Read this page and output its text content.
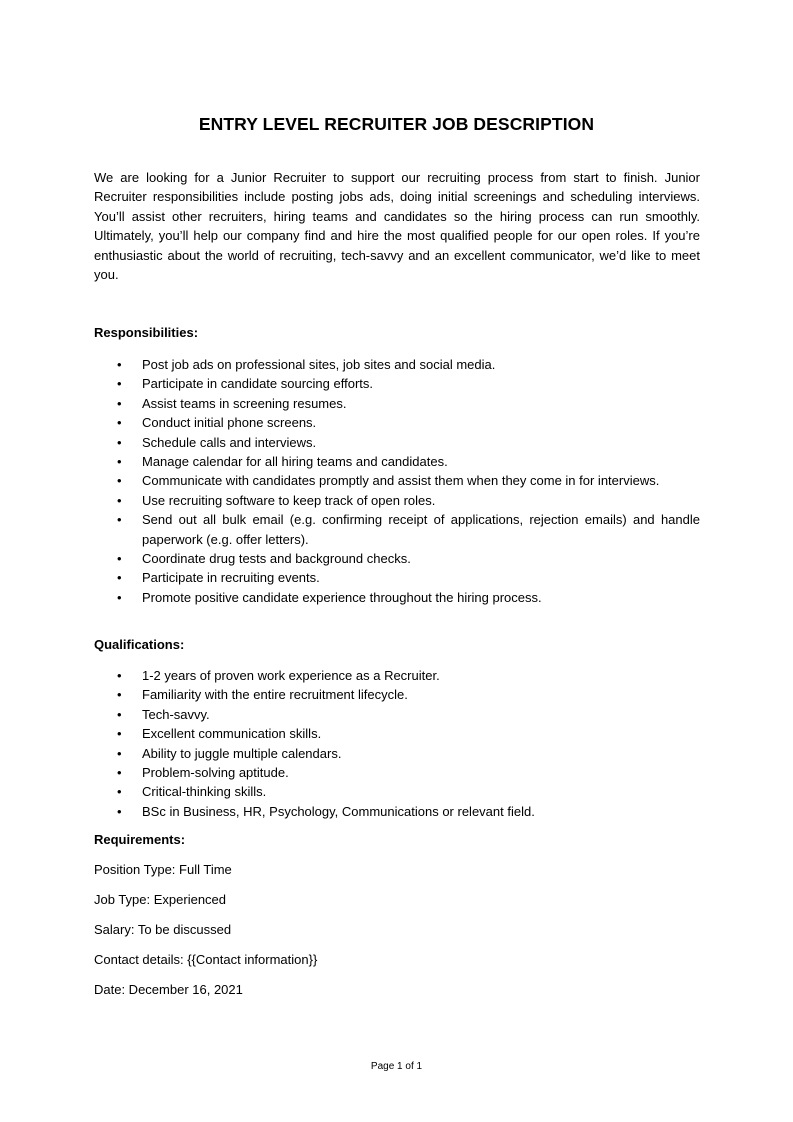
ENTRY LEVEL RECRUITER JOB DESCRIPTION

We are looking for a Junior Recruiter to support our recruiting process from start to finish. Junior Recruiter responsibilities include posting jobs ads, doing initial screenings and scheduling interviews. You’ll assist other recruiters, hiring teams and candidates so the hiring process can run smoothly. Ultimately, you’ll help our company find and hire the most qualified people for our open roles. If you’re enthusiastic about the world of recruiting, tech-savvy and an excellent communicator, we’d like to meet you.

Responsibilities:

• Post job ads on professional sites, job sites and social media.
• Participate in candidate sourcing efforts.
• Assist teams in screening resumes.
• Conduct initial phone screens.
• Schedule calls and interviews.
• Manage calendar for all hiring teams and candidates.
• Communicate with candidates promptly and assist them when they come in for interviews.
• Use recruiting software to keep track of open roles.
• Send out all bulk email (e.g. confirming receipt of applications, rejection emails) and handle paperwork (e.g. offer letters).
• Coordinate drug tests and background checks.
• Participate in recruiting events.
• Promote positive candidate experience throughout the hiring process.

Qualifications:

• 1-2 years of proven work experience as a Recruiter.
• Familiarity with the entire recruitment lifecycle.
• Tech-savvy.
• Excellent communication skills.
• Ability to juggle multiple calendars.
• Problem-solving aptitude.
• Critical-thinking skills.
• BSc in Business, HR, Psychology, Communications or relevant field.

Requirements:

Position Type: Full Time

Job Type: Experienced

Salary: To be discussed

Contact details: {{Contact information}}

Date: December 16, 2021

Page 1 of 1
